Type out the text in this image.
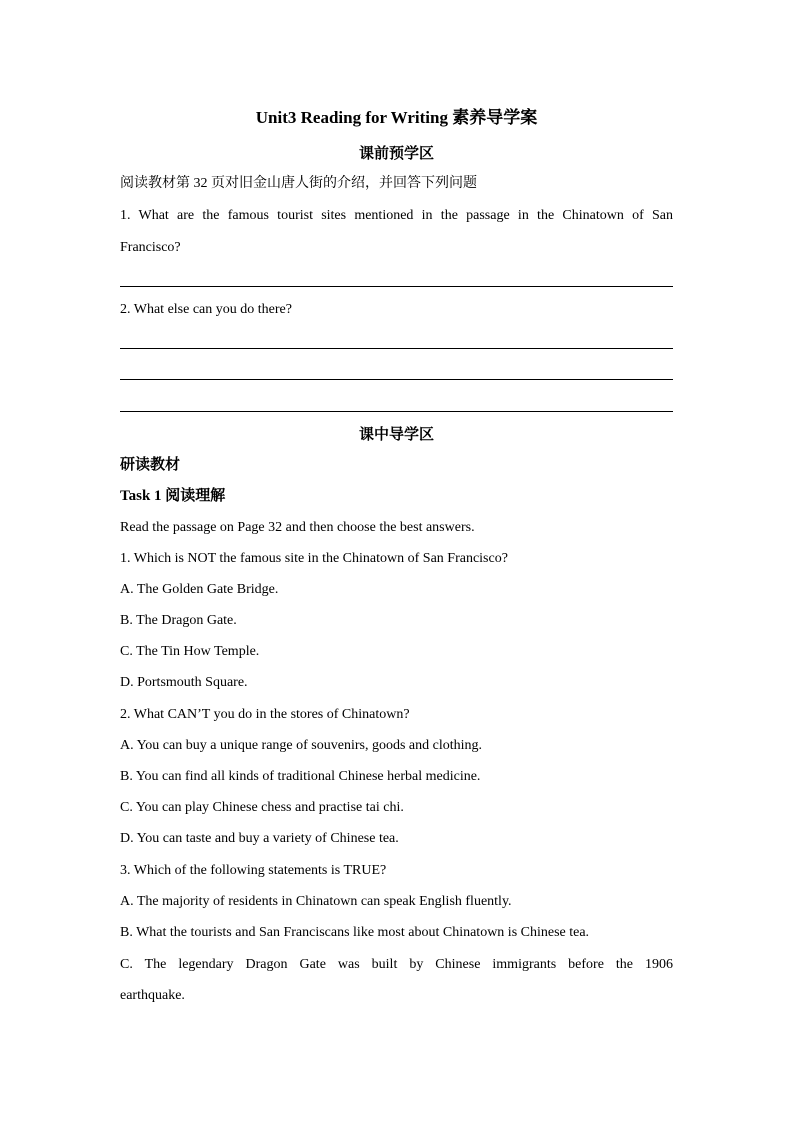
Unit3 Reading for Writing 素养导学案
课前预学区
阅读教材第 32 页对旧金山唐人街的介绍，并回答下列问题
1. What are the famous tourist sites mentioned in the passage in the Chinatown of San
Francisco?
2. What else can you do there?
课中导学区
研读教材
Task 1 阅读理解
Read the passage on Page 32 and then choose the best answers.
1. Which is NOT the famous site in the Chinatown of San Francisco?
A. The Golden Gate Bridge.
B. The Dragon Gate.
C. The Tin How Temple.
D. Portsmouth Square.
2. What CAN’T you do in the stores of Chinatown?
A. You can buy a unique range of souvenirs, goods and clothing.
B. You can find all kinds of traditional Chinese herbal medicine.
C. You can play Chinese chess and practise tai chi.
D. You can taste and buy a variety of Chinese tea.
3. Which of the following statements is TRUE?
A. The majority of residents in Chinatown can speak English fluently.
B. What the tourists and San Franciscans like most about Chinatown is Chinese tea.
C. The legendary Dragon Gate was built by Chinese immigrants before the 1906
earthquake.
